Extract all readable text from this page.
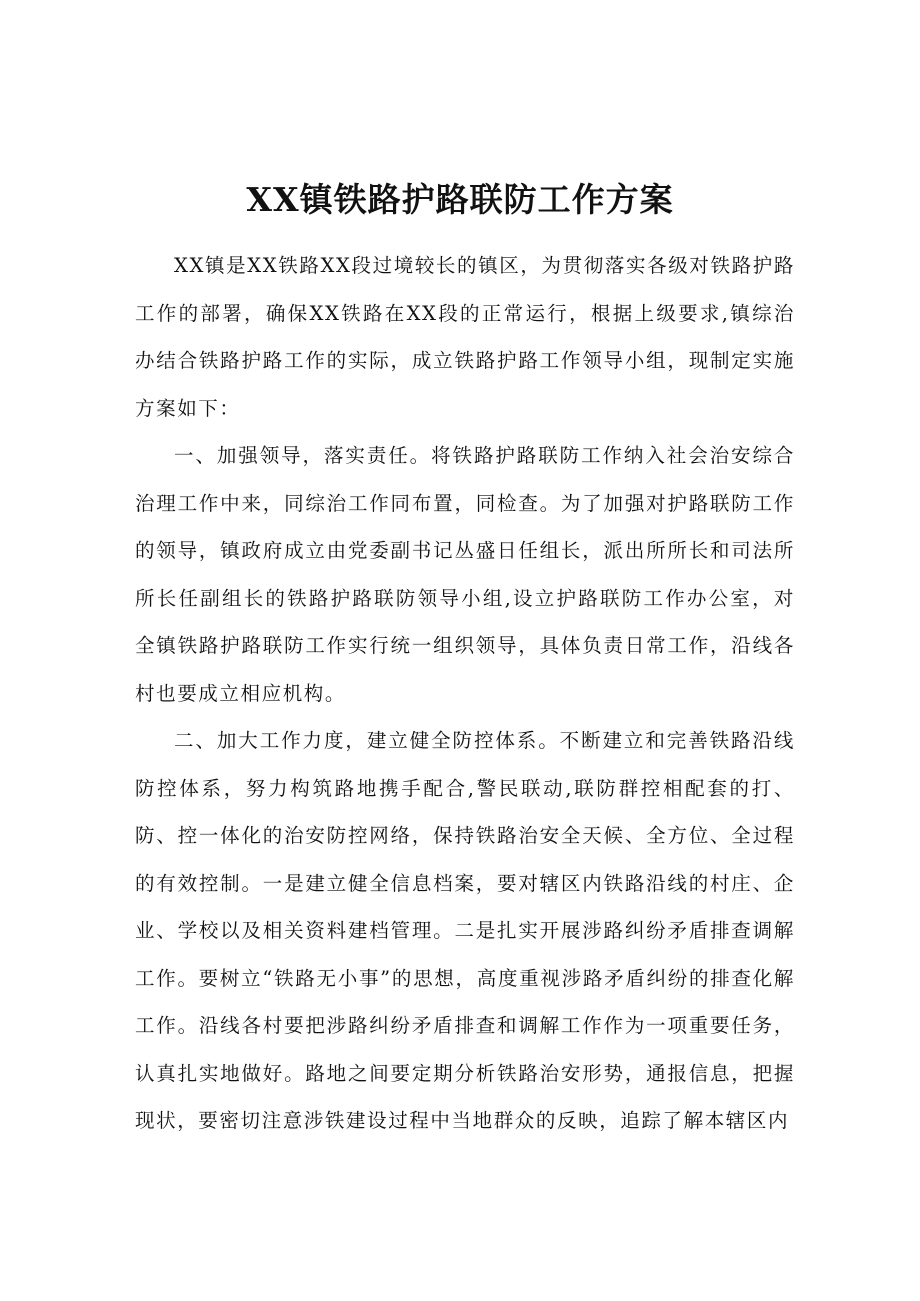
XX镇铁路护路联防工作方案

XX镇是XX铁路XX段过境较长的镇区，为贯彻落实各级对铁路护路工作的部署，确保XX铁路在XX段的正常运行，根据上级要求,镇综治办结合铁路护路工作的实际，成立铁路护路工作领导小组，现制定实施方案如下：

一、加强领导，落实责任。将铁路护路联防工作纳入社会治安综合治理工作中来，同综治工作同布置，同检查。为了加强对护路联防工作的领导，镇政府成立由党委副书记丛盛日任组长，派出所所长和司法所所长任副组长的铁路护路联防领导小组,设立护路联防工作办公室，对全镇铁路护路联防工作实行统一组织领导，具体负责日常工作，沿线各村也要成立相应机构。

二、加大工作力度，建立健全防控体系。不断建立和完善铁路沿线防控体系，努力构筑路地携手配合,警民联动,联防群控相配套的打、防、控一体化的治安防控网络，保持铁路治安全天候、全方位、全过程的有效控制。一是建立健全信息档案，要对辖区内铁路沿线的村庄、企业、学校以及相关资料建档管理。二是扎实开展涉路纠纷矛盾排查调解工作。要树立“铁路无小事”的思想，高度重视涉路矛盾纠纷的排查化解工作。沿线各村要把涉路纠纷矛盾排查和调解工作作为一项重要任务，认真扎实地做好。路地之间要定期分析铁路治安形势，通报信息，把握现状，要密切注意涉铁建设过程中当地群众的反映，追踪了解本辖区内
